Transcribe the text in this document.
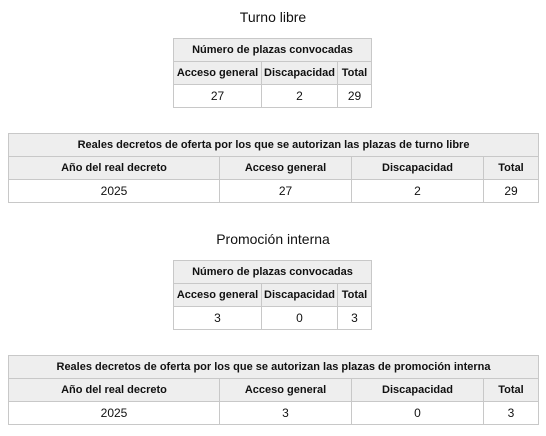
Turno libre
Número de plazas convocadas		
Acceso general	Discapacidad	Total
27	2	29
Reales decretos de oferta por los que se autorizan las plazas de turno libre			
Año del real decreto	Acceso general	Discapacidad	Total
2025	27	2	29
Promoción interna
Número de plazas convocadas		
Acceso general	Discapacidad	Total
3	0	3
Reales decretos de oferta por los que se autorizan las plazas de promoción interna			
Año del real decreto	Acceso general	Discapacidad	Total
2025	3	0	3
